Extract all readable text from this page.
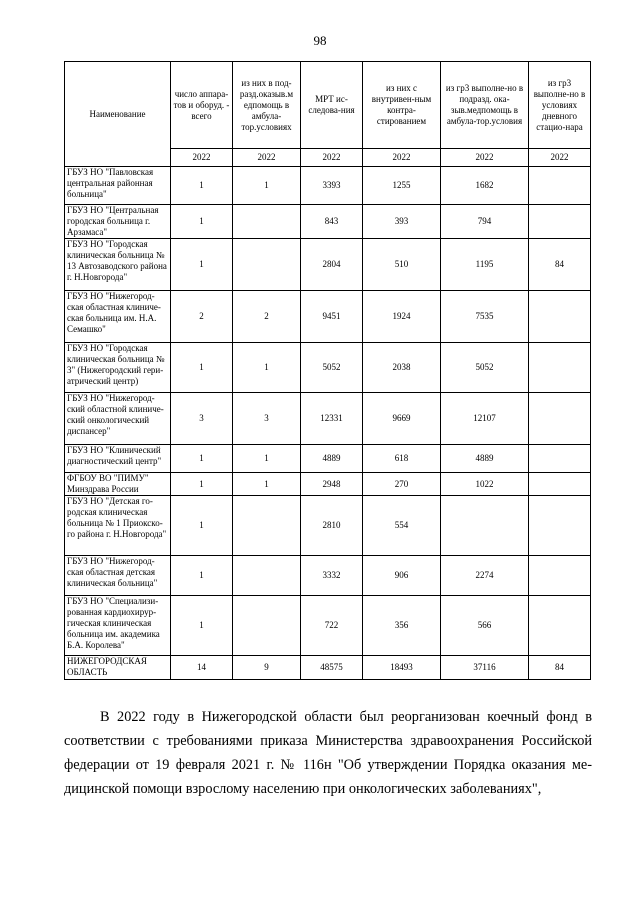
98
Наименование	число аппара-тов и оборуд. - всего	из них в под-разд.оказыв.м едпомощь в амбула-тор.условиях	МРТ ис-следова-ния	из них с внутривен-ным контра-стированием	из гр3 выполне-но в подразд. ока-зыв.медпомощь в амбула-тор.условия	из гр3 выполне-но в условиях дневного стацио-нара
	2022	2022	2022	2022	2022	2022
ГБУЗ НО "Павловская центральная районная больница"	1	1	3393	1255	1682	
ГБУЗ НО "Центральная городская больница г. Арзамаса"	1		843	393	794	
ГБУЗ НО "Городская клиническая больница № 13 Автозаводского района г. Н.Новгорода"	1		2804	510	1195	84
ГБУЗ НО "Нижегород-ская областная клиниче-ская больница им. Н.А. Семашко"	2	2	9451	1924	7535	
ГБУЗ НО "Городская клиническая больница № 3" (Нижегородский гери-атрический центр)	1	1	5052	2038	5052	
ГБУЗ НО "Нижегород-ский областной клиниче-ский онкологический диспансер"	3	3	12331	9669	12107	
ГБУЗ НО "Клинический диагностический центр"	1	1	4889	618	4889	
ФГБОУ ВО "ПИМУ" Минздрава России	1	1	2948	270	1022	
ГБУЗ НО "Детская го-родская клиническая больница № 1 Приокско-го района г. Н.Новгорода"	1		2810	554		
ГБУЗ НО "Нижегород-ская областная детская клиническая больница"	1		3332	906	2274	
ГБУЗ НО "Специализи-рованная кардиохирур-гическая клиническая больница им. академика Б.А. Королева"	1		722	356	566	
НИЖЕГОРОДСКАЯ ОБЛАСТЬ	14	9	48575	18493	37116	84

В 2022 году в Нижегородской области был реорганизован коечный фонд в соответствии с требованиями приказа Министерства здравоохранения Российской федерации от 19 февраля 2021 г. № 116н "Об утверждении Порядка оказания ме-дицинской помощи взрослому населению при онкологических заболеваниях",
